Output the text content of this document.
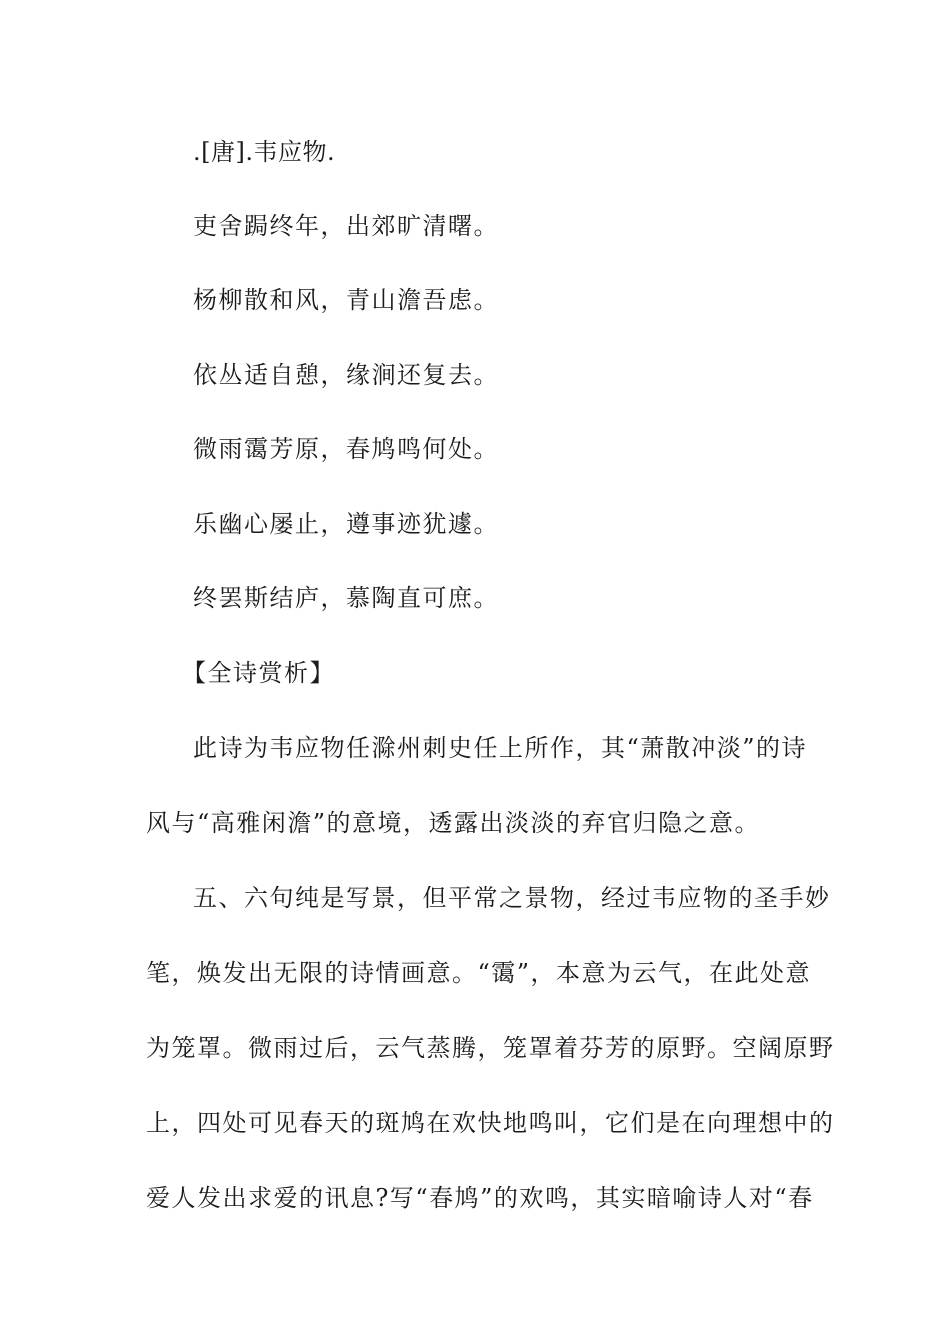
.[唐].韦应物.
吏舍跼终年，出郊旷清曙。
杨柳散和风，青山澹吾虑。
依丛适自憩，缘涧还复去。
微雨霭芳原，春鸠鸣何处。
乐幽心屡止，遵事迹犹遽。
终罢斯结庐，慕陶直可庶。
【全诗赏析】
此诗为韦应物任滁州刺史任上所作，其“萧散冲淡”的诗
风与“高雅闲澹”的意境，透露出淡淡的弃官归隐之意。
五、六句纯是写景，但平常之景物，经过韦应物的圣手妙
笔，焕发出无限的诗情画意。“霭”，本意为云气，在此处意
为笼罩。微雨过后，云气蒸腾，笼罩着芬芳的原野。空阔原野
上，四处可见春天的斑鸠在欢快地鸣叫，它们是在向理想中的
爱人发出求爱的讯息?写“春鸠”的欢鸣，其实暗喻诗人对“春
